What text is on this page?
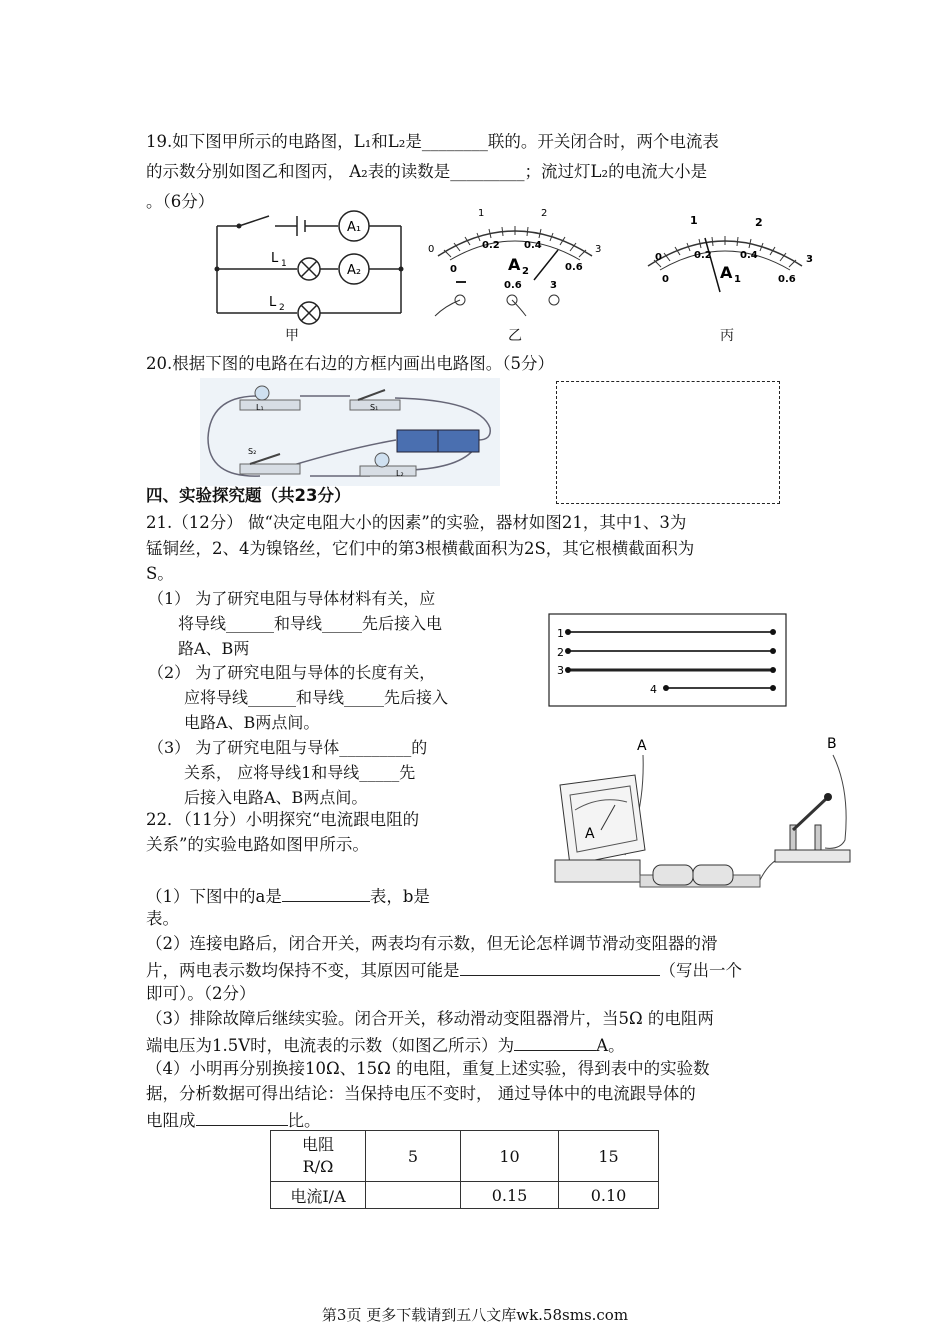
19.如下图甲所示的电路图，L₁和L₂是________联的。开关闭合时，两个电流表
的示数分别如图乙和图丙， A₂表的读数是_________；流过灯L₂的电流大小是
。（6分）
A₁
A₂
L 1
L 2
1	2
0	3
0
0.2 0.4
0.6
A 2
0.6	3
1	2
0	3
0
0.2	0.4
0.6
A 1
甲	乙	丙
20.根据下图的电路在右边的方框内画出电路图。（5分）
L₁	S₁
S₂
L₂
四、实验探究题（共23分）
21.（12分） 做“决定电阻大小的因素”的实验，器材如图21，其中1、3为
锰铜丝，2、4为镍铬丝，它们中的第3根横截面积为2S，其它根横截面积为
S。
（1） 为了研究电阻与导体材料有关，应
将导线______和导线_____先后接入电
路A、B两
（2） 为了研究电阻与导体的长度有关，
应将导线______和导线_____先后接入
电路A、B两点间。
（3） 为了研究电阻与导体_________的
关系， 应将导线1和导线_____先
后接入电路A、B两点间。
1
2
3
4
A	B
A
22．（11分）小明探究“电流跟电阻的
关系”的实验电路如图甲所示。
（1）下图中的a是	表，b是
表。
（2）连接电路后，闭合开关，两表均有示数，但无论怎样调节滑动变阻器的滑
片，两电表示数均保持不变，其原因可能是	（写出一个
即可）。（2分）
（3）排除故障后继续实验。闭合开关，移动滑动变阻器滑片，当5Ω 的电阻两
端电压为1.5V时，电流表的示数（如图乙所示）为	A。
（4）小明再分别换接10Ω、15Ω 的电阻，重复上述实验，得到表中的实验数
据，分析数据可得出结论：当保持电压不变时， 通过导体中的电流跟导体的
电阻成	比。
电阻
R/Ω	5	10	15
电流I/A		0.15	0.10
第3页 更多下载请到五八文库wk.58sms.com
